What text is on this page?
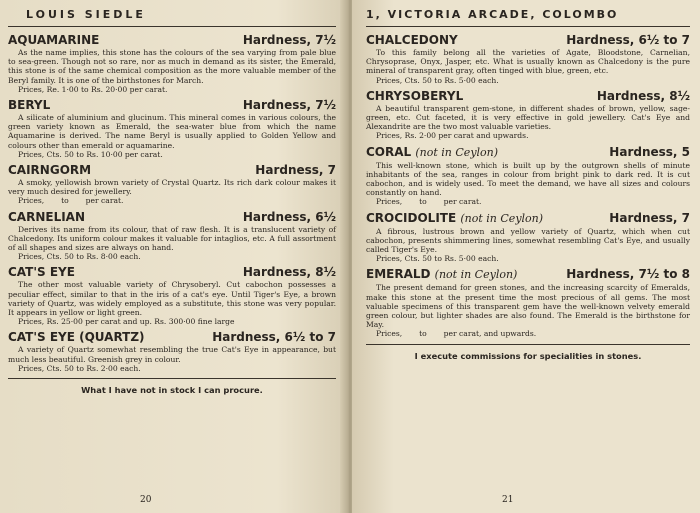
LOUIS SIEDLE
AQUAMARINE	Hardness, 7½
As the name implies, this stone has the colours of the sea varying from pale blue to sea-green. Though not so rare, nor as much in demand as its sister, the Emerald, this stone is of the same chemical composition as the more valuable member of the Beryl family. It is one of the birthstones for March.
Prices, Re. 1·00 to Rs. 20·00 per carat.
BERYL	Hardness, 7½
A silicate of aluminium and glucinum. This mineral comes in various colours, the green variety known as Emerald, the sea-water blue from which the name Aquamarine is derived. The name Beryl is usually applied to Golden Yellow and colours other than emerald or aquamarine.
Prices, Cts. 50 to Rs. 10·00 per carat.
CAIRNGORM	Hardness, 7
A smoky, yellowish brown variety of Crystal Quartz. Its rich dark colour makes it very much desired for jewellery.
Prices,       to       per carat.
CARNELIAN	Hardness, 6½
Derives its name from its colour, that of raw flesh. It is a translucent variety of Chalcedony. Its uniform colour makes it valuable for intaglios, etc. A full assortment of all shapes and sizes are always on hand.
Prices, Cts. 50 to Rs. 8·00 each.
CAT'S EYE	Hardness, 8½
The other most valuable variety of Chrysoberyl. Cut cabochon possesses a peculiar effect, similar to that in the iris of a cat's eye. Until Tiger's Eye, a brown variety of Quartz, was widely employed as a substitute, this stone was very popular. It appears in yellow or light green.
Prices, Rs. 25·00 per carat and up. Rs. 300·00 fine large
CAT'S EYE (QUARTZ)	Hardness, 6½ to 7
A variety of Quartz somewhat resembling the true Cat's Eye in appearance, but much less beautiful. Greenish grey in colour.
Prices, Cts. 50 to Rs. 2·00 each.
What I have not in stock I can procure.
20
1, VICTORIA ARCADE, COLOMBO
CHALCEDONY	Hardness, 6½ to 7
To this family belong all the varieties of Agate, Bloodstone, Carnelian, Chrysoprase, Onyx, Jasper, etc. What is usually known as Chalcedony is the pure mineral of transparent gray, often tinged with blue, green, etc.
Prices, Cts. 50 to Rs. 5·00 each.
CHRYSOBERYL	Hardness, 8½
A beautiful transparent gem-stone, in different shades of brown, yellow, sage-green, etc. Cut faceted, it is very effective in gold jewellery. Cat's Eye and Alexandrite are the two most valuable varieties.
Prices, Rs. 2·00 per carat and upwards.
CORAL (not in Ceylon)	Hardness, 5
This well-known stone, which is built up by the outgrown shells of minute inhabitants of the sea, ranges in colour from bright pink to dark red. It is cut cabochon, and is widely used. To meet the demand, we have all sizes and colours constantly on hand.
Prices,       to       per carat.
CROCIDOLITE (not in Ceylon)	Hardness, 7
A fibrous, lustrous brown and yellow variety of Quartz, which when cut cabochon, presents shimmering lines, somewhat resembling Cat's Eye, and usually called Tiger's Eye.
Prices, Cts. 50 to Rs. 5·00 each.
EMERALD (not in Ceylon)	Hardness, 7½ to 8
The present demand for green stones, and the increasing scarcity of Emeralds, make this stone at the present time the most precious of all gems. The most valuable specimens of this transparent gem have the well-known velvety emerald green colour, but lighter shades are also found. The Emerald is the birthstone for May.
Prices,       to       per carat, and upwards.
I execute commissions for specialities in stones.
21
